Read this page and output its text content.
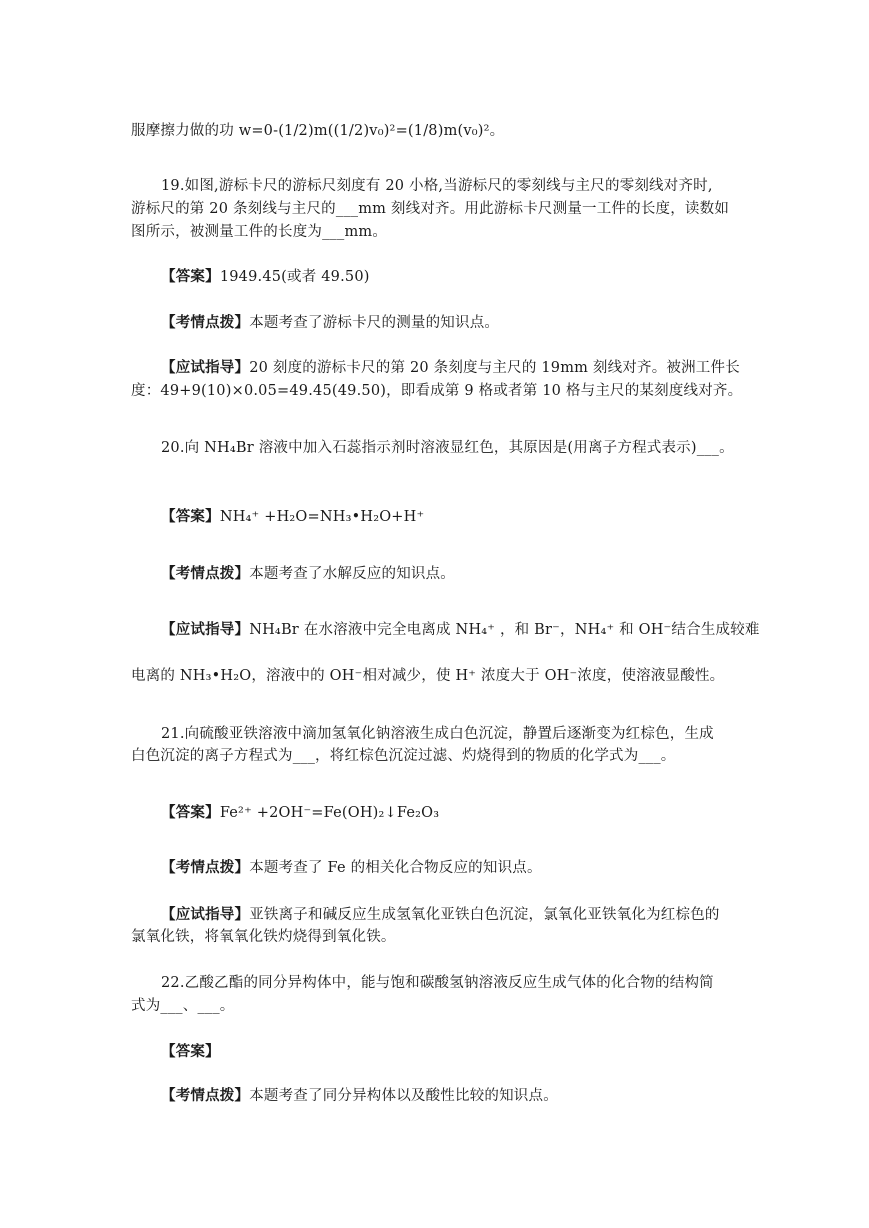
服摩擦力做的功 w=0-(1/2)m((1/2)v₀)²=(1/8)m(v₀)²。
19.如图,游标卡尺的游标尺刻度有 20 小格,当游标尺的零刻线与主尺的零刻线对齐时,
游标尺的第 20 条刻线与主尺的___mm 刻线对齐。用此游标卡尺测量一工件的长度，读数如
图所示，被测量工件的长度为___mm。
【答案】1949.45(或者 49.50)
【考情点拨】本题考查了游标卡尺的测量的知识点。
【应试指导】20 刻度的游标卡尺的第 20 条刻度与主尺的 19mm 刻线对齐。被洲工件长
度：49+9(10)×0.05=49.45(49.50)，即看成第 9 格或者第 10 格与主尺的某刻度线对齐。
20.向 NH₄Br 溶液中加入石蕊指示剂时溶液显红色，其原因是(用离子方程式表示)___。
【答案】NH₄⁺ +H₂O=NH₃•H₂O+H⁺
【考情点拨】本题考查了水解反应的知识点。
【应试指导】NH₄Br 在水溶液中完全电离成 NH₄⁺ ，和 Br⁻，NH₄⁺ 和 OH⁻结合生成较难
电离的 NH₃•H₂O，溶液中的 OH⁻相对减少，使 H⁺ 浓度大于 OH⁻浓度，使溶液显酸性。
21.向硫酸亚铁溶液中滴加氢氧化钠溶液生成白色沉淀，静置后逐渐变为红棕色，生成
白色沉淀的离子方程式为___，将红棕色沉淀过滤、灼烧得到的物质的化学式为___。
【答案】Fe²⁺ +2OH⁻=Fe(OH)₂↓Fe₂O₃
【考情点拨】本题考查了 Fe 的相关化合物反应的知识点。
【应试指导】亚铁离子和碱反应生成氢氧化亚铁白色沉淀，氯氧化亚铁氧化为红棕色的
氯氧化铁，将氧氧化铁灼烧得到氧化铁。
22.乙酸乙酯的同分异构体中，能与饱和碳酸氢钠溶液反应生成气体的化合物的结构简
式为___、___。
【答案】
【考情点拨】本题考查了同分异构体以及酸性比较的知识点。
